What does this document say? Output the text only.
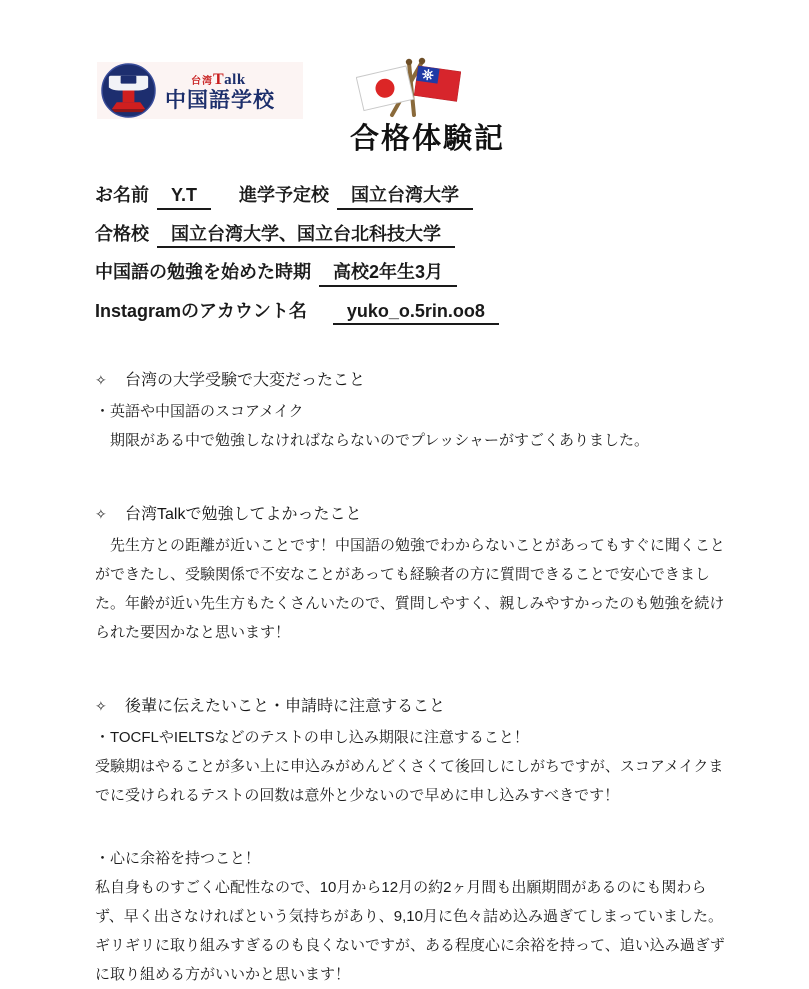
台湾Talk
中国語学校
合格体験記
お名前 Y.T 進学予定校 国立台湾大学
合格校 国立台湾大学、国立台北科技大学
中国語の勉強を始めた時期 高校2年生3月
Instagramのアカウント名 yuko_o.5rin.oo8
✧ 台湾の大学受験で大変だったこと

・英語や中国語のスコアメイク

　期限がある中で勉強しなければならないのでプレッシャーがすごくありました。

✧ 台湾Talkで勉強してよかったこと

　先生方との距離が近いことです！中国語の勉強でわからないことがあってもすぐに聞くことができたし、受験関係で不安なことがあっても経験者の方に質問できることで安心できました。年齢が近い先生方もたくさんいたので、質問しやすく、親しみやすかったのも勉強を続けられた要因かなと思います！

✧ 後輩に伝えたいこと・申請時に注意すること

・TOCFLやIELTSなどのテストの申し込み期限に注意すること！

受験期はやることが多い上に申込みがめんどくさくて後回しにしがちですが、スコアメイクまでに受けられるテストの回数は意外と少ないので早めに申し込みすべきです！

・心に余裕を持つこと！

私自身ものすごく心配性なので、10月から12月の約2ヶ月間も出願期間があるのにも関わらず、早く出さなければという気持ちがあり、9,10月に色々詰め込み過ぎてしまっていました。ギリギリに取り組みすぎるのも良くないですが、ある程度心に余裕を持って、追い込み過ぎずに取り組める方がいいかと思います！
